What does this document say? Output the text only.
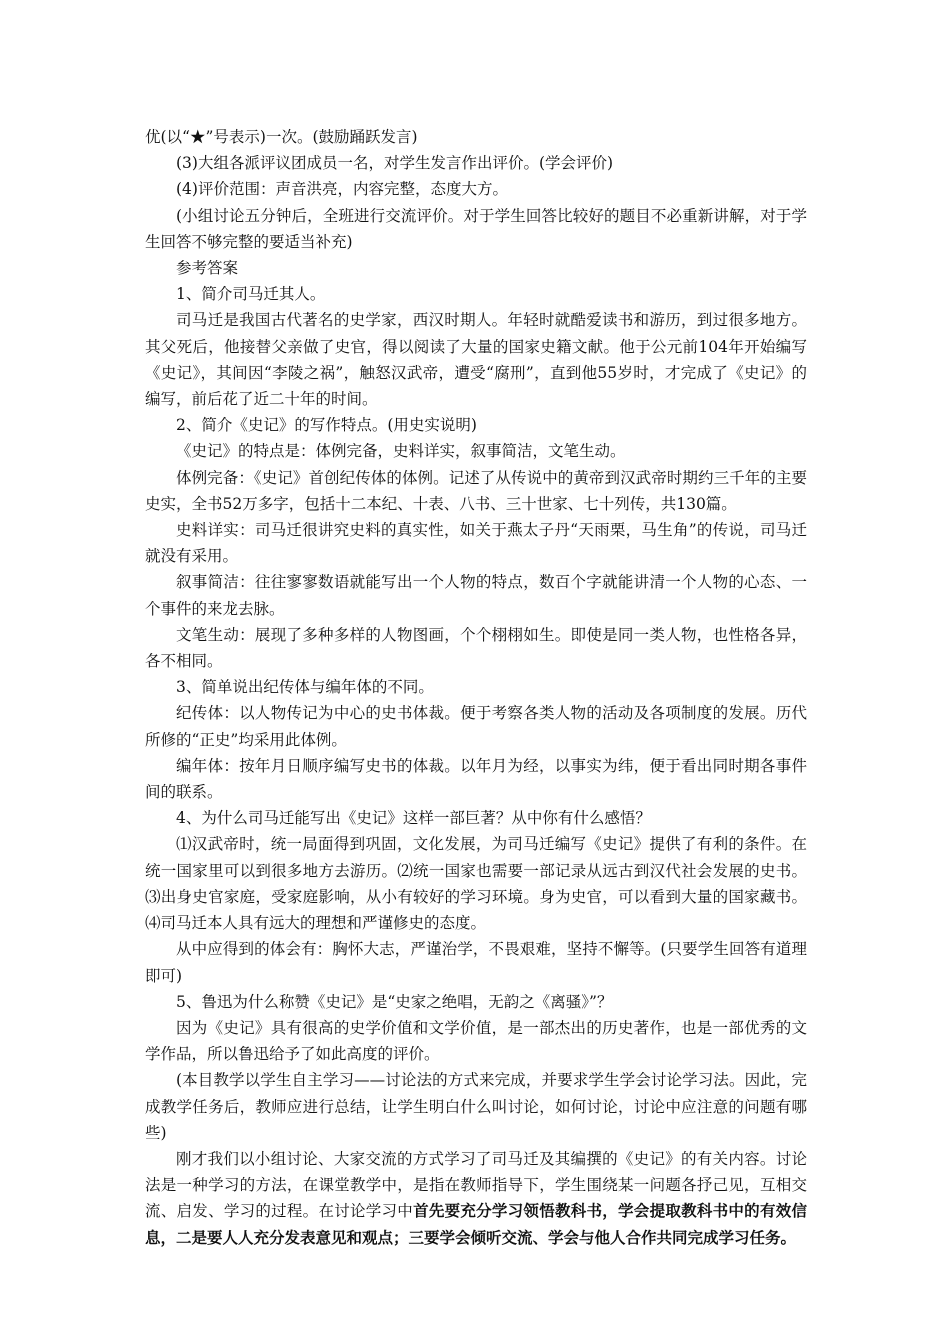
优(以“★”号表示)一次。(鼓励踊跃发言)

(3)大组各派评议团成员一名，对学生发言作出评价。(学会评价)

(4)评价范围：声音洪亮，内容完整，态度大方。

(小组讨论五分钟后，全班进行交流评价。对于学生回答比较好的题目不必重新讲解，对于学生回答不够完整的要适当补充)

参考答案

1、简介司马迁其人。

司马迁是我国古代著名的史学家，西汉时期人。年轻时就酷爱读书和游历，到过很多地方。其父死后，他接替父亲做了史官，得以阅读了大量的国家史籍文献。他于公元前104年开始编写《史记》，其间因“李陵之祸”，触怒汉武帝，遭受“腐刑”，直到他55岁时，才完成了《史记》的编写，前后花了近二十年的时间。

2、简介《史记》的写作特点。(用史实说明)

《史记》的特点是：体例完备，史料详实，叙事简洁，文笔生动。

体例完备：《史记》首创纪传体的体例。记述了从传说中的黄帝到汉武帝时期约三千年的主要史实，全书52万多字，包括十二本纪、十表、八书、三十世家、七十列传，共130篇。

史料详实：司马迁很讲究史料的真实性，如关于燕太子丹“天雨栗，马生角”的传说，司马迁就没有采用。

叙事简洁：往往寥寥数语就能写出一个人物的特点，数百个字就能讲清一个人物的心态、一个事件的来龙去脉。

文笔生动：展现了多种多样的人物图画，个个栩栩如生。即使是同一类人物，也性格各异，各不相同。

3、简单说出纪传体与编年体的不同。

纪传体：以人物传记为中心的史书体裁。便于考察各类人物的活动及各项制度的发展。历代所修的“正史”均采用此体例。

编年体：按年月日顺序编写史书的体裁。以年月为经，以事实为纬，便于看出同时期各事件间的联系。

4、为什么司马迁能写出《史记》这样一部巨著？从中你有什么感悟？

⑴汉武帝时，统一局面得到巩固，文化发展，为司马迁编写《史记》提供了有利的条件。在统一国家里可以到很多地方去游历。⑵统一国家也需要一部记录从远古到汉代社会发展的史书。⑶出身史官家庭，受家庭影响，从小有较好的学习环境。身为史官，可以看到大量的国家藏书。⑷司马迁本人具有远大的理想和严谨修史的态度。

从中应得到的体会有：胸怀大志，严谨治学，不畏艰难，坚持不懈等。(只要学生回答有道理即可)

5、鲁迅为什么称赞《史记》是“史家之绝唱，无韵之《离骚》”？

因为《史记》具有很高的史学价值和文学价值，是一部杰出的历史著作，也是一部优秀的文学作品，所以鲁迅给予了如此高度的评价。

(本目教学以学生自主学习——讨论法的方式来完成，并要求学生学会讨论学习法。因此，完成教学任务后，教师应进行总结，让学生明白什么叫讨论，如何讨论，讨论中应注意的问题有哪些)

刚才我们以小组讨论、大家交流的方式学习了司马迁及其编撰的《史记》的有关内容。讨论法是一种学习的方法，在课堂教学中，是指在教师指导下，学生围绕某一问题各抒己见，互相交流、启发、学习的过程。在讨论学习中首先要充分学习领悟教科书，学会提取教科书中的有效信息，二是要人人充分发表意见和观点；三要学会倾听交流、学会与他人合作共同完成学习任务。
